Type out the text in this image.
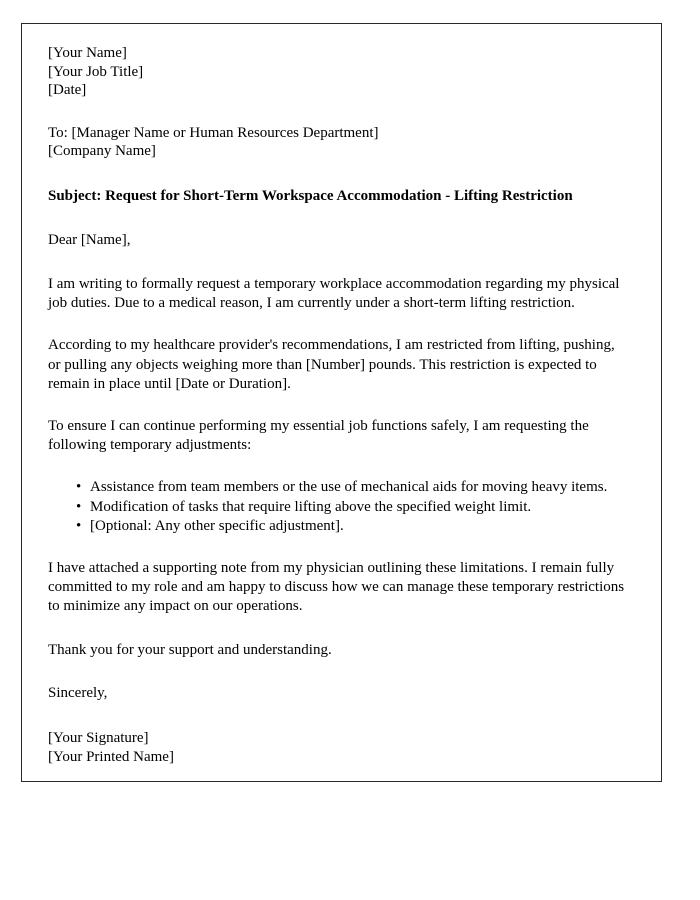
[Your Name]
[Your Job Title]
[Date]
To: [Manager Name or Human Resources Department]
[Company Name]

Subject: Request for Short-Term Workspace Accommodation - Lifting Restriction

Dear [Name],

I am writing to formally request a temporary workplace accommodation regarding my physical job duties. Due to a medical reason, I am currently under a short-term lifting restriction.

According to my healthcare provider's recommendations, I am restricted from lifting, pushing, or pulling any objects weighing more than [Number] pounds. This restriction is expected to remain in place until [Date or Duration].

To ensure I can continue performing my essential job functions safely, I am requesting the following temporary adjustments:

• Assistance from team members or the use of mechanical aids for moving heavy items.
• Modification of tasks that require lifting above the specified weight limit.
• [Optional: Any other specific adjustment].

I have attached a supporting note from my physician outlining these limitations. I remain fully committed to my role and am happy to discuss how we can manage these temporary restrictions to minimize any impact on our operations.

Thank you for your support and understanding.

Sincerely,

[Your Signature]
[Your Printed Name]
